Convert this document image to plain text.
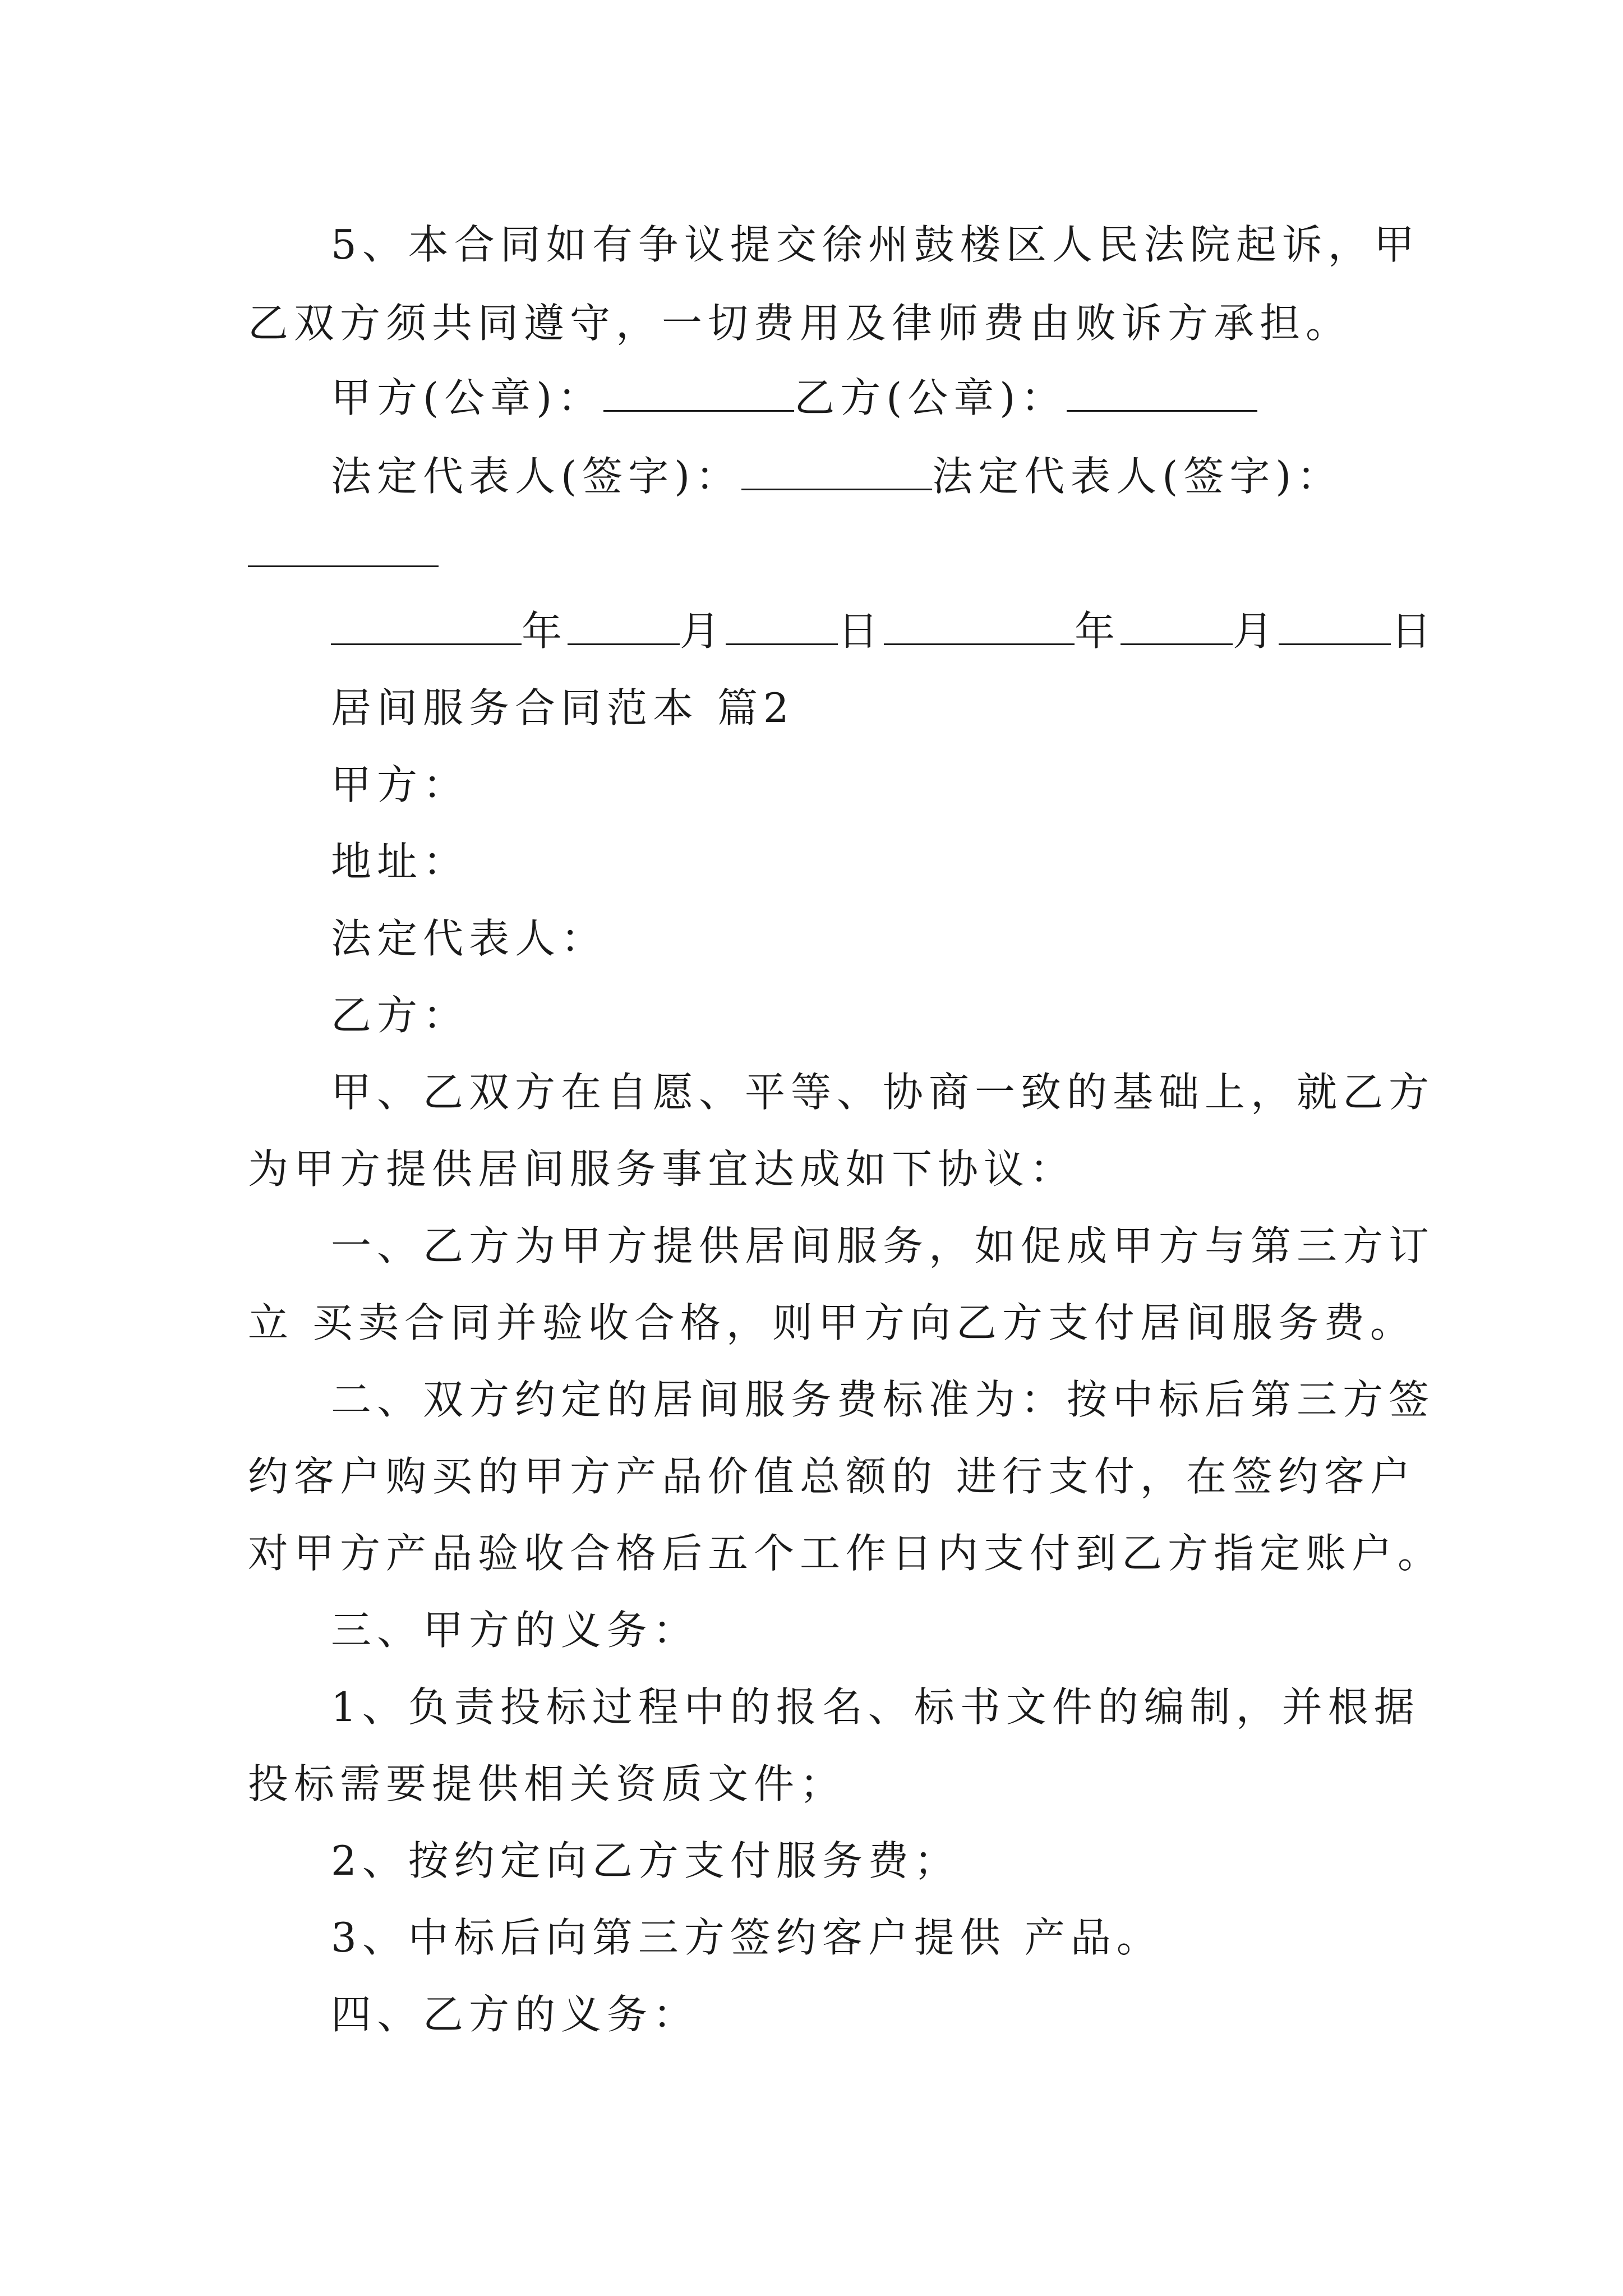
5、本合同如有争议提交徐州鼓楼区人民法院起诉，甲
乙双方须共同遵守，一切费用及律师费由败诉方承担。
甲方(公章)：	乙方(公章)：
法定代表人(签字)：	法定代表人(签字)：
年	月	日	年	月	日
居间服务合同范本 篇2
甲方：
地址：
法定代表人：
乙方：
甲、乙双方在自愿、平等、协商一致的基础上，就乙方
为甲方提供居间服务事宜达成如下协议：
一、乙方为甲方提供居间服务，如促成甲方与第三方订
立 买卖合同并验收合格，则甲方向乙方支付居间服务费。
二、双方约定的居间服务费标准为：按中标后第三方签
约客户购买的甲方产品价值总额的 进行支付，在签约客户
对甲方产品验收合格后五个工作日内支付到乙方指定账户。
三、甲方的义务：
1、负责投标过程中的报名、标书文件的编制，并根据
投标需要提供相关资质文件；
2、按约定向乙方支付服务费；
3、中标后向第三方签约客户提供 产品。
四、乙方的义务：
